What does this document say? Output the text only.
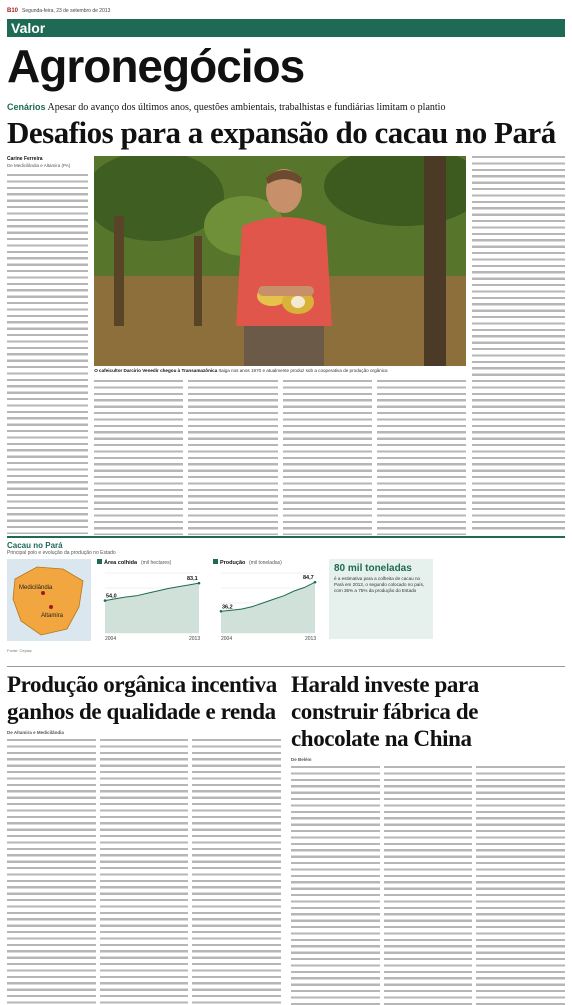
B10 Segunda-feira, 23 de setembro de 2013
Valor
Agronegócios
Cenários Apesar do avanço dos últimos anos, questões ambientais, trabalhistas e fundiárias limitam o plantio
Desafios para a expansão do cacau no Pará
Carine Ferreira
De Medicilândia e Altamira (PA)
O cafeicultor Darcirio Venedir chegou à Transamazônica Itaiga nos anos 1970 e atualmente produz sob a cooperativa de produção orgânica
Cacau no Pará
Principal polo e evolução da produção no Estado
Medicilândia
Altamira
Área colhida (mil hectares)
54,0
83,1
2004	2013
Produção (mil toneladas)
36,2
84,7
2004	2013
80 mil toneladas
é a estimativa para a colheita de cacau no Pará em 2013, o segundo colocado no país, com 35% a 75% da produção do Estado
Fonte: Ceplac
Produção orgânica incentiva ganhos de qualidade e renda
De Altamira e Medicilândia
Harald investe para construir fábrica de chocolate na China
De Belém
